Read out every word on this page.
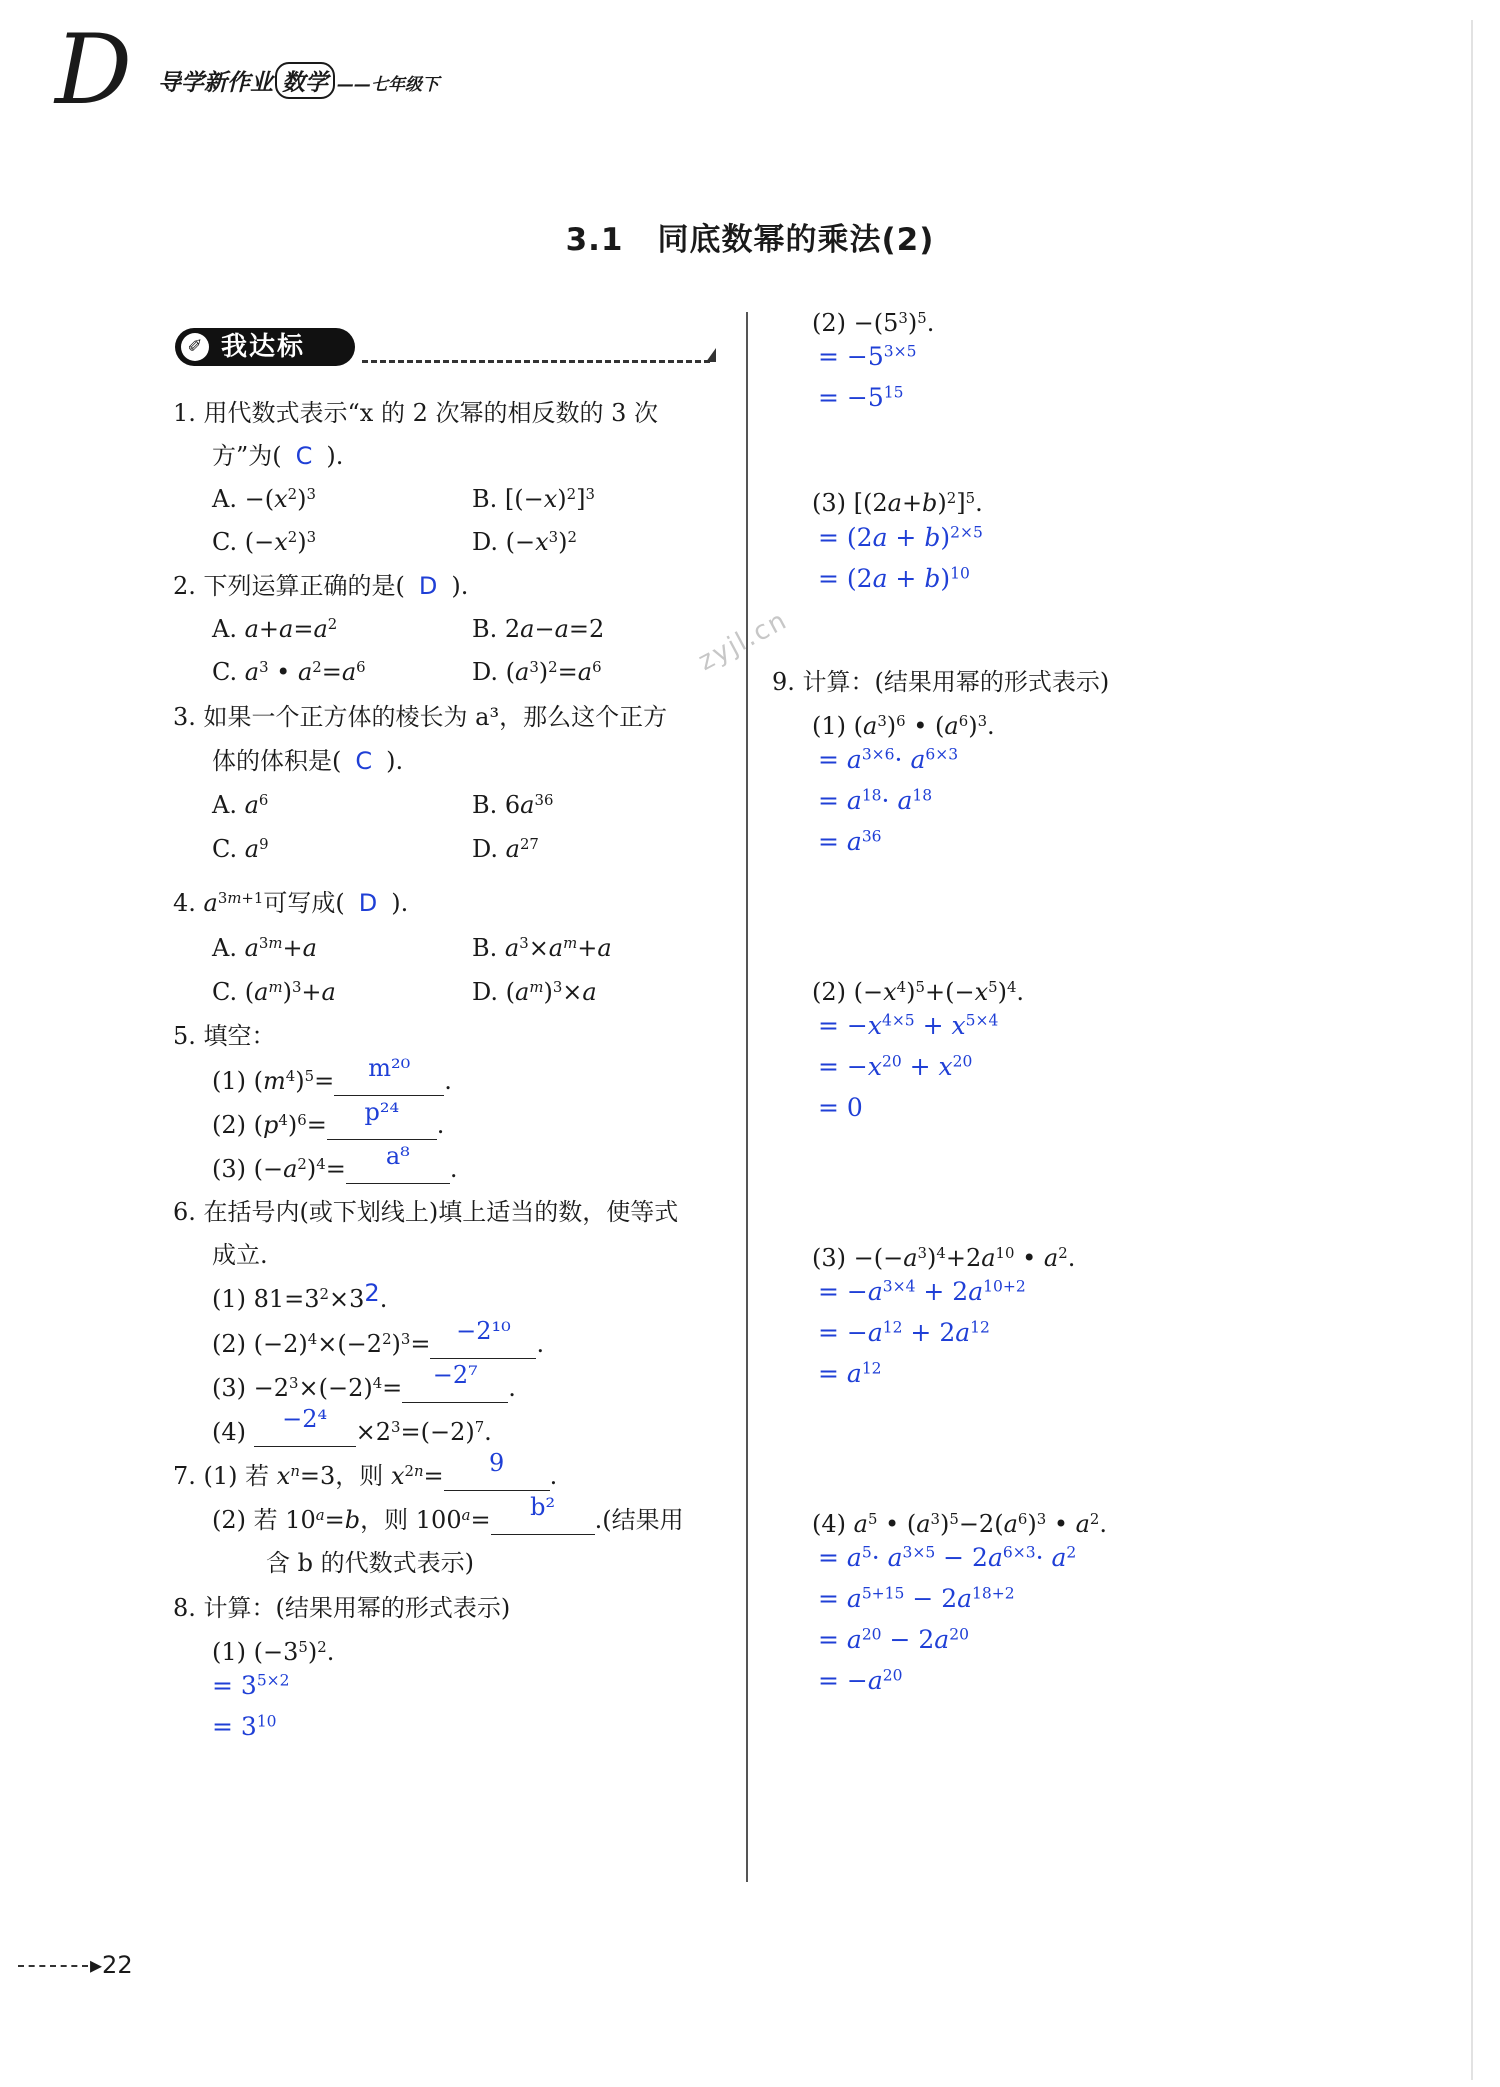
D 导学新作业 数学 ——七年级下
3.1 同底数幂的乘法(2)
✐ 我达标
zyjl.cn
1. 用代数式表示“x 的 2 次幂的相反数的 3 次
方”为( C ).
A. $-(x^2)^3$	B. $[(-x)^2]^3$
C. $(-x^2)^3$	D. $(-x^3)^2$
2. 下列运算正确的是( D ).
A. $a+a=a^2$	B. 2a−a=2
C. $a^3$ • $a^2=a^6$	D. $(a^3)^2=a^6$
3. 如果一个正方体的棱长为 a³，那么这个正方
体的体积是( C ).
A. $a^6$	B. $6a^{36}$
C. $a^9$	D. $a^{27}$
4. $a^{3m+1}$可写成( D ).
A. $a^{3m}+a$	B. $a^3\times a^m+a$
C. $(a^m)^3+a$	D. $(a^m)^3\times a$
5. 填空：
(1) $(m^4)^5= m^{20}$ .
(2) $(p^4)^6= p^{24}$ .
(3) $(-a^2)^4= a^8$ .
6. 在括号内(或下划线上)填上适当的数，使等式
成立.
(1) $81=3^2\times 32$.
(2) $(-2)^4\times(-2^2)^3= -2^{10}$ .
$(3) -2^3\times(-2)^4= -2^7$ .
$(4) -2^4 \times 2^3=(-2)^7$.
7. (1) 若 $x^n=3$，则 $x^{2n}= 9$ .
(2) 若 $10^a=b$，则 $100^a= b^2$ .(结果用
含 b 的代数式表示)
8. 计算：(结果用幂的形式表示)
(1) $(-3^5)^2$.
= $3^{5\times 2}$
= $3^{10}$
$(2) -(5^3)^5$.
= $-5^{3\times 5}$
= $-5^{15}$
(3) $[(2a+b)^2]^5$.
= $(2a + b)^{2\times 5}$
= $(2a + b)^{10}$
9. 计算：(结果用幂的形式表示)
(1) $(a^3)^6$ • $(a^6)^3$.
= $a^{3\times 6}\cdot a^{6\times 3}$
= $a^{18}\cdot a^{18}$
= $a^{36}$
(2) $(-x^4)^5+(-x^5)^4$.
= $-x^{4\times 5} + x^{5\times 4}$
= $-x^{20} + x^{20}$
= 0
$(3) -(-a^3)^4+2a^{10}$ • $a^2$.
= $-a^{3\times 4} + 2a^{10+2}$
= $-a^{12} + 2a^{12}$
= $a^{12}$
(4) $a^5$ • $(a^3)^5-2(a^6)^3$ • $a^2$.
= $a^5\cdot a^{3\times 5} - 2a^{6\times 3}\cdot a^2$
= $a^{5+15} - 2a^{18+2}$
= $a^{20} - 2a^{20}$
= $-a^{20}$
▸22
